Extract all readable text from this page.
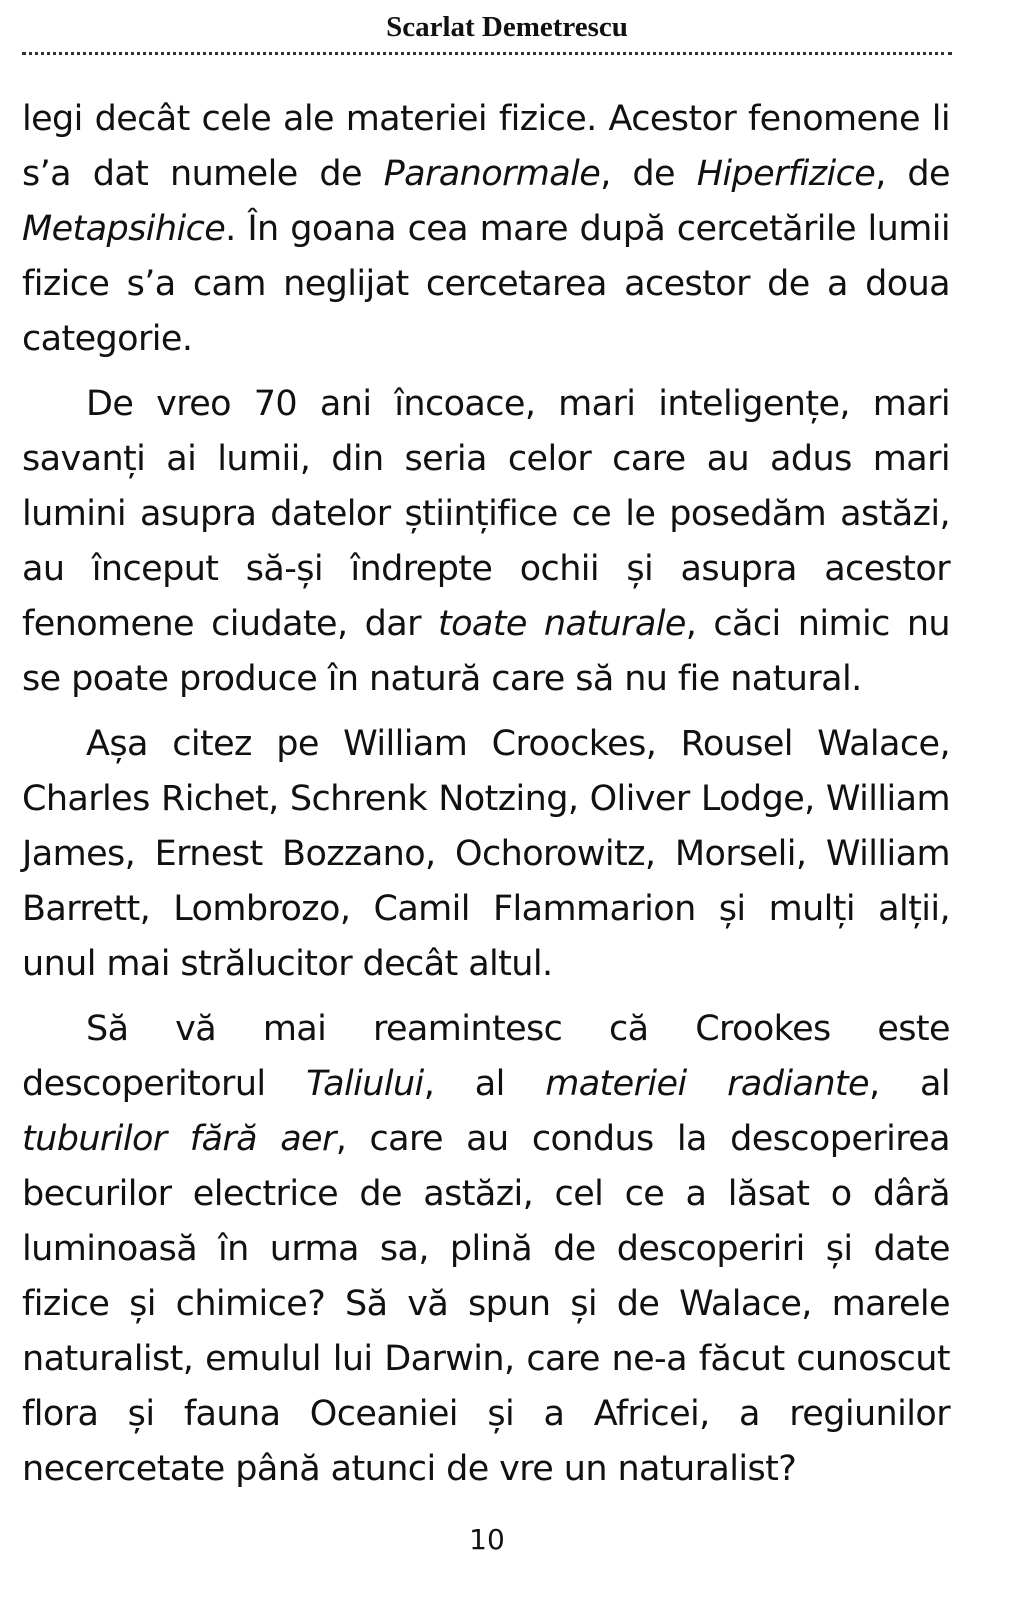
Scarlat Demetrescu

legi decât cele ale materiei fizice. Acestor fenomene li s’a dat numele de Paranormale, de Hiperfizice, de Metapsihice. În goana cea mare după cercetările lumii fizice s’a cam neglijat cercetarea acestor de a doua categorie.

De vreo 70 ani încoace, mari inteligențe, mari savanți ai lumii, din seria celor care au adus mari lumini asupra datelor științifice ce le posedăm astăzi, au început să-și îndrepte ochii și asupra acestor fenomene ciudate, dar toate naturale, căci nimic nu se poate produce în natură care să nu fie natural.

Așa citez pe William Croockes, Rousel Walace, Charles Richet, Schrenk Notzing, Oliver Lodge, William James, Ernest Bozzano, Ochorowitz, Morseli, William Barrett, Lombrozo, Camil Flammarion și mulți alții, unul mai strălucitor decât altul.

Să vă mai reamintesc că Crookes este descoperitorul Taliului, al materiei radiante, al tuburilor fără aer, care au condus la descoperirea becurilor electrice de astăzi, cel ce a lăsat o dâră luminoasă în urma sa, plină de descoperiri și date fizice și chimice? Să vă spun și de Walace, marele naturalist, emulul lui Darwin, care ne-a făcut cunoscut flora și fauna Oceaniei și a Africei, a regiunilor necercetate până atunci de vre un naturalist?

10
